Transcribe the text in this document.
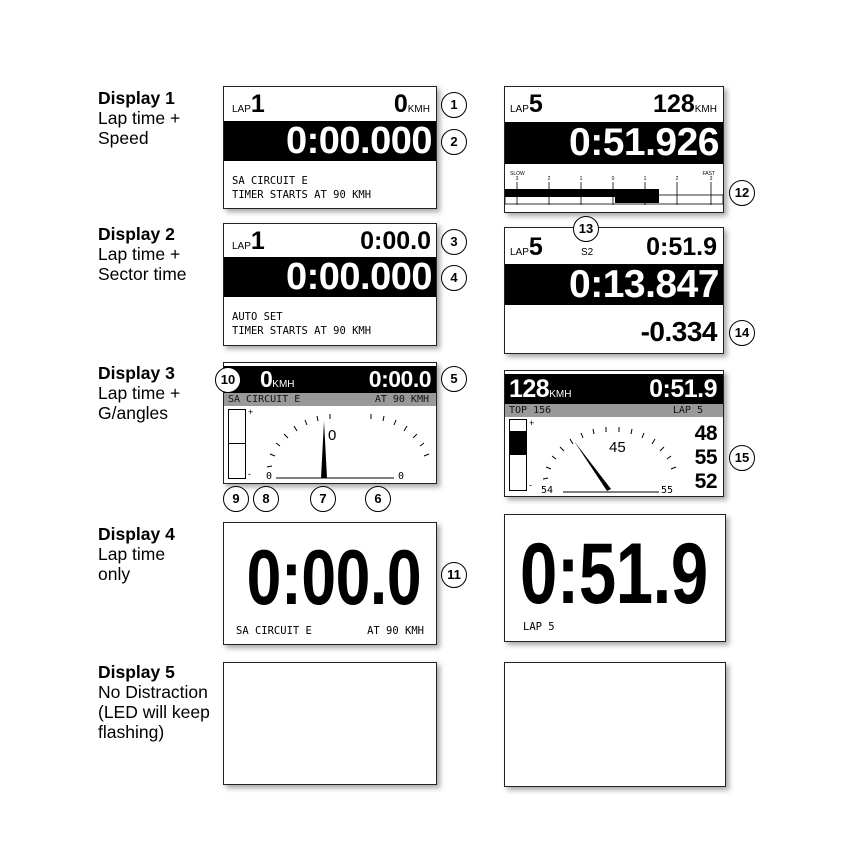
Display 1
Lap time +
Speed
Display 2
Lap time +
Sector time
Display 3
Lap time +
G/angles
Display 4
Lap time
only
Display 5
No Distraction
(LED will keep
flashing)
LAP1	0KMH
0:00.000
SA CIRCUIT E
TIMER STARTS AT 90 KMH
LAP5	128KMH
0:51.926
SLOW	FAST
3	2	1	0	1	2	3
LAP1	0:00.0
0:00.000
AUTO SET
TIMER STARTS AT 90 KMH
LAP5	S2 0:51.9
0:13.847
-0.334
0KMH	0:00.0
SA CIRCUIT E	AT 90 KMH
+
-
0
0	0
128KMH	0:51.9
TOP 156	LAP 5
+
-
45
54	55
48
55
52
0:00.0
SA CIRCUIT E	AT 90 KMH
0:51.9
LAP 5
1
2
3
4
5
6
7
8
9
10
11
12
13
14
15
